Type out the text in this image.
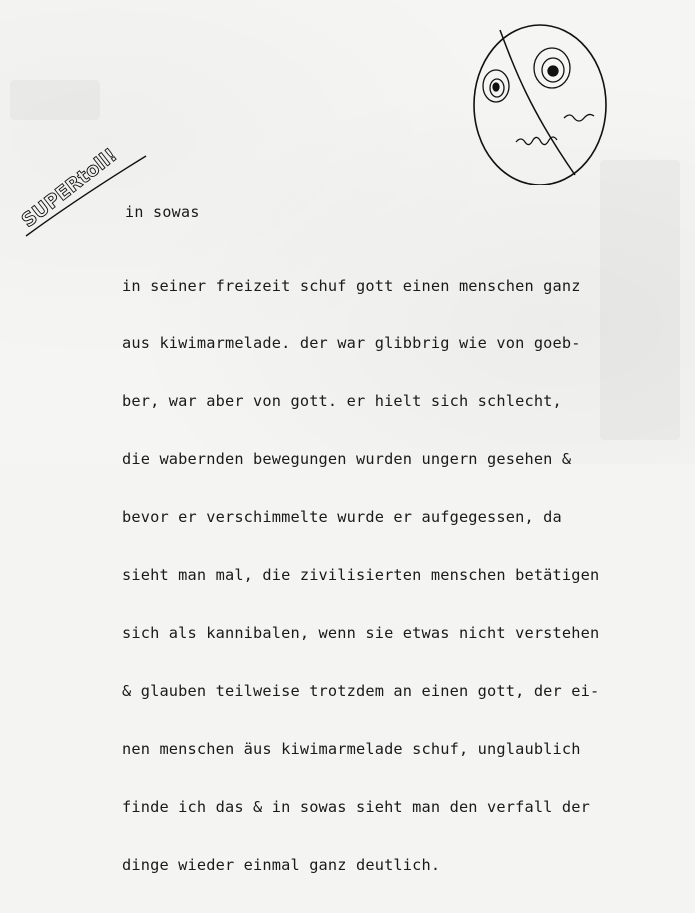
SUPERtoll! in sowas

in seiner freizeit schuf gott einen menschen ganz

aus kiwimarmelade. der war glibbrig wie von goeb-

ber, war aber von gott. er hielt sich schlecht,

die wabernden bewegungen wurden ungern gesehen &

bevor er verschimmelte wurde er aufgegessen, da

sieht man mal, die zivilisierten menschen betätigen

sich als kannibalen, wenn sie etwas nicht verstehen

& glauben teilweise trotzdem an einen gott, der ei-

nen menschen äus kiwimarmelade schuf, unglaublich

finde ich das & in sowas sieht man den verfall der

dinge wieder einmal ganz deutlich.
